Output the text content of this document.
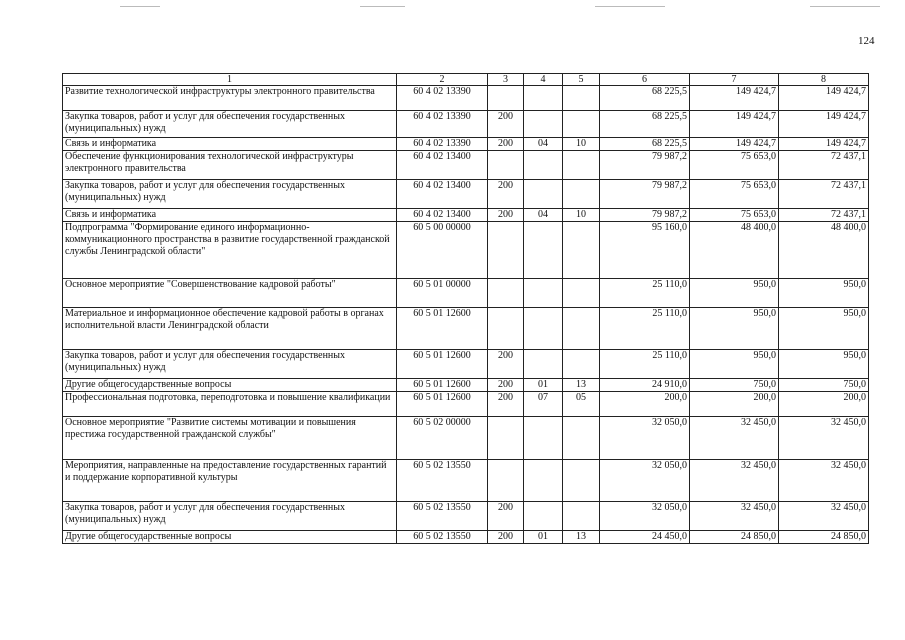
124
1	2	3	4	5	6	7	8
Развитие технологической инфраструктуры электронного правительства	60 4 02 13390				68 225,5	149 424,7	149 424,7
Закупка товаров, работ и услуг для обеспечения государственных (муниципальных) нужд	60 4 02 13390	200			68 225,5	149 424,7	149 424,7
Связь и информатика	60 4 02 13390	200	04	10	68 225,5	149 424,7	149 424,7
Обеспечение функционирования технологической инфраструктуры электронного правительства	60 4 02 13400				79 987,2	75 653,0	72 437,1
Закупка товаров, работ и услуг для обеспечения государственных (муниципальных) нужд	60 4 02 13400	200			79 987,2	75 653,0	72 437,1
Связь и информатика	60 4 02 13400	200	04	10	79 987,2	75 653,0	72 437,1
Подпрограмма "Формирование единого информационно-коммуникационного пространства в развитие государственной гражданской службы Ленинградской области"	60 5 00 00000				95 160,0	48 400,0	48 400,0
Основное мероприятие "Совершенствование кадровой работы"	60 5 01 00000				25 110,0	950,0	950,0
Материальное и информационное обеспечение кадровой работы в органах исполнительной власти Ленинградской области	60 5 01 12600				25 110,0	950,0	950,0
Закупка товаров, работ и услуг для обеспечения государственных (муниципальных) нужд	60 5 01 12600	200			25 110,0	950,0	950,0
Другие общегосударственные вопросы	60 5 01 12600	200	01	13	24 910,0	750,0	750,0
Профессиональная подготовка, переподготовка и повышение квалификации	60 5 01 12600	200	07	05	200,0	200,0	200,0
Основное мероприятие "Развитие системы мотивации и повышения престижа государственной гражданской службы"	60 5 02 00000				32 050,0	32 450,0	32 450,0
Мероприятия, направленные на предоставление государственных гарантий и поддержание корпоративной культуры	60 5 02 13550				32 050,0	32 450,0	32 450,0
Закупка товаров, работ и услуг для обеспечения государственных (муниципальных) нужд	60 5 02 13550	200			32 050,0	32 450,0	32 450,0
Другие общегосударственные вопросы	60 5 02 13550	200	01	13	24 450,0	24 850,0	24 850,0
